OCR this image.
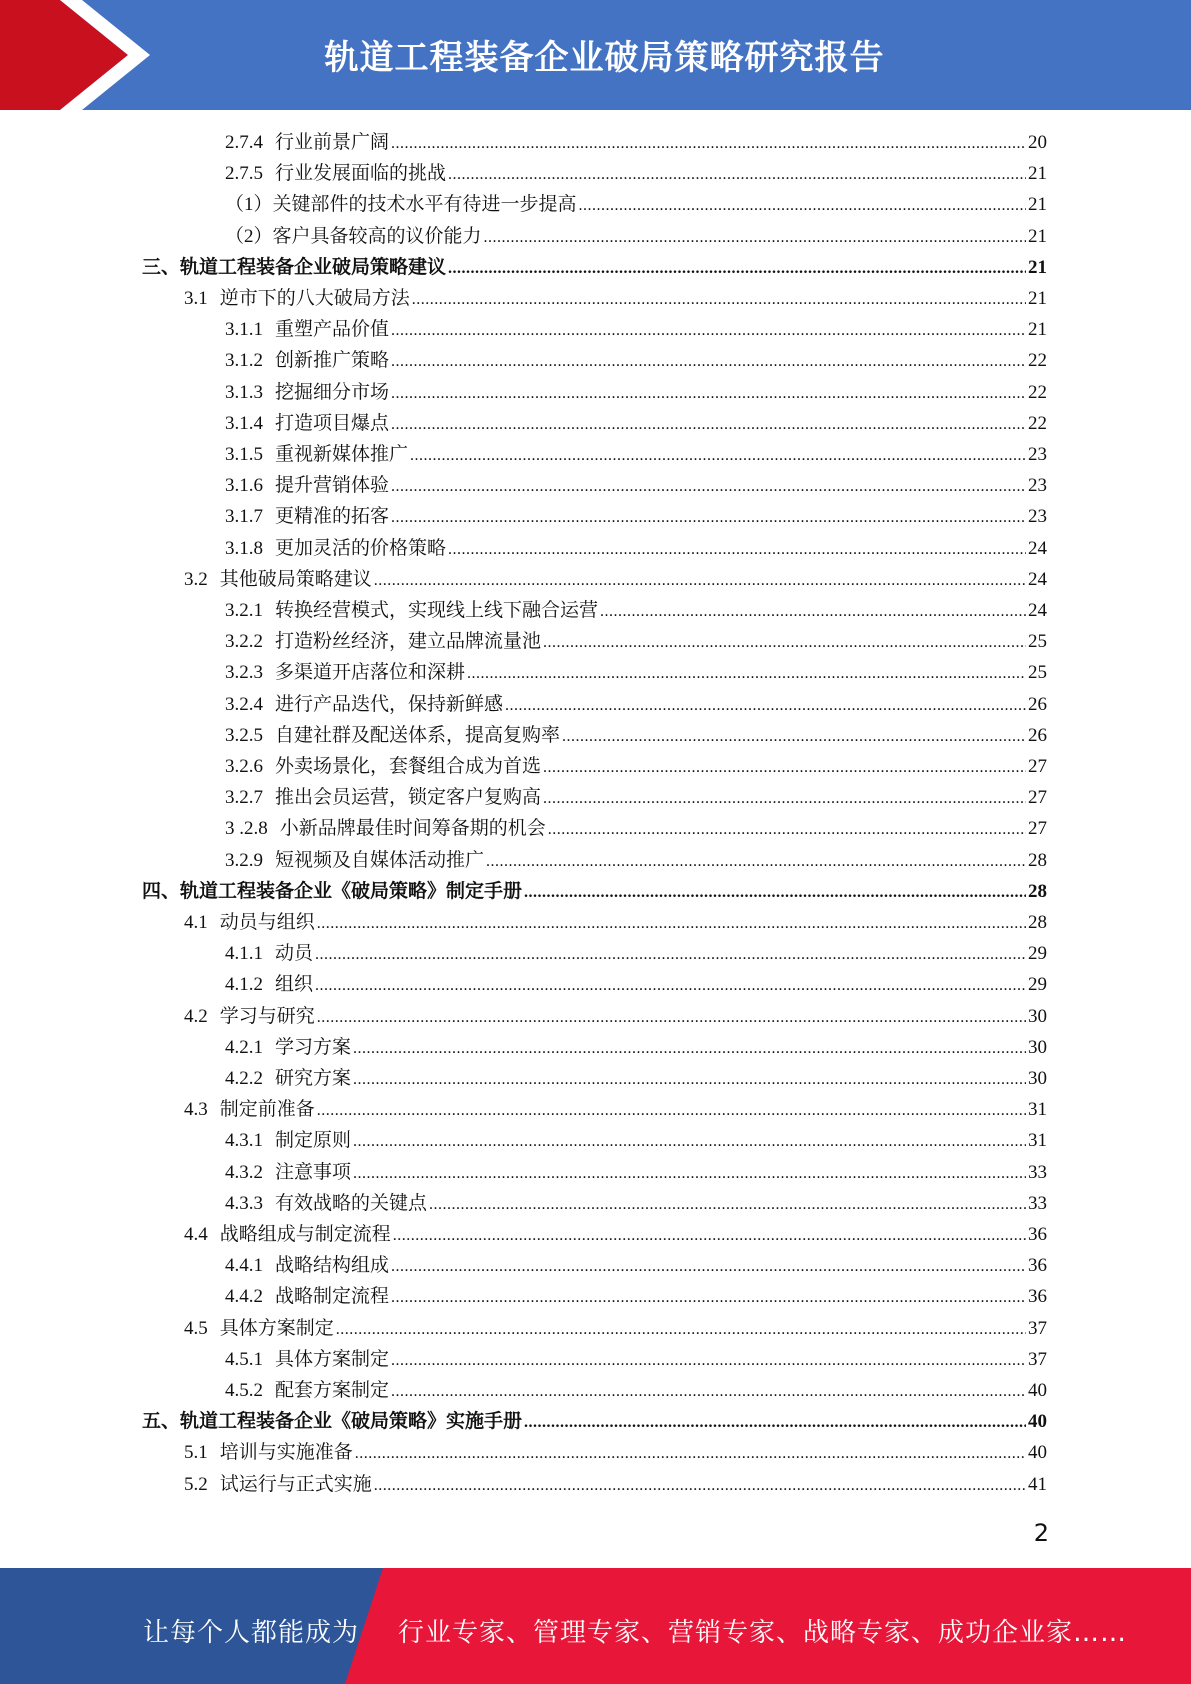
轨道工程装备企业破局策略研究报告
2.7.4 行业前景广阔 .....	20
2.7.5 行业发展面临的挑战 .....	21
（1） 关键部件的技术水平有待进一步提高 .....	21
（2） 客户具备较高的议价能力 .....	21
三、 轨道工程装备企业破局策略建议 .....	21
3.1 逆市下的八大破局方法 .....	21
3.1.1 重塑产品价值 .....	21
3.1.2 创新推广策略 .....	22
3.1.3 挖掘细分市场 .....	22
3.1.4 打造项目爆点 .....	22
3.1.5 重视新媒体推广 .....	23
3.1.6 提升营销体验 .....	23
3.1.7 更精准的拓客 .....	23
3.1.8 更加灵活的价格策略 .....	24
3.2 其他破局策略建议 .....	24
3.2.1 转换经营模式，实现线上线下融合运营 .....	24
3.2.2 打造粉丝经济，建立品牌流量池 .....	25
3.2.3 多渠道开店落位和深耕 .....	25
3.2.4 进行产品迭代，保持新鲜感 .....	26
3.2.5 自建社群及配送体系，提高复购率 .....	26
3.2.6 外卖场景化，套餐组合成为首选 .....	27
3.2.7 推出会员运营，锁定客户复购高 .....	27
3 .2.8 小新品牌最佳时间筹备期的机会 .....	27
3.2.9 短视频及自媒体活动推广 .....	28
四、 轨道工程装备企业《破局策略》制定手册 .....	28
4.1 动员与组织 .....	28
4.1.1 动员 .....	29
4.1.2 组织 .....	29
4.2 学习与研究 .....	30
4.2.1 学习方案 .....	30
4.2.2 研究方案 .....	30
4.3 制定前准备 .....	31
4.3.1 制定原则 .....	31
4.3.2 注意事项 .....	33
4.3.3 有效战略的关键点 .....	33
4.4 战略组成与制定流程 .....	36
4.4.1 战略结构组成 .....	36
4.4.2 战略制定流程 .....	36
4.5 具体方案制定 .....	37
4.5.1 具体方案制定 .....	37
4.5.2 配套方案制定 .....	40
五、 轨道工程装备企业《破局策略》实施手册 .....	40
5.1 培训与实施准备 .....	40
5.2 试运行与正式实施 .....	41
2
让每个人都能成为 行业专家、管理专家、营销专家、战略专家、成功企业家……
